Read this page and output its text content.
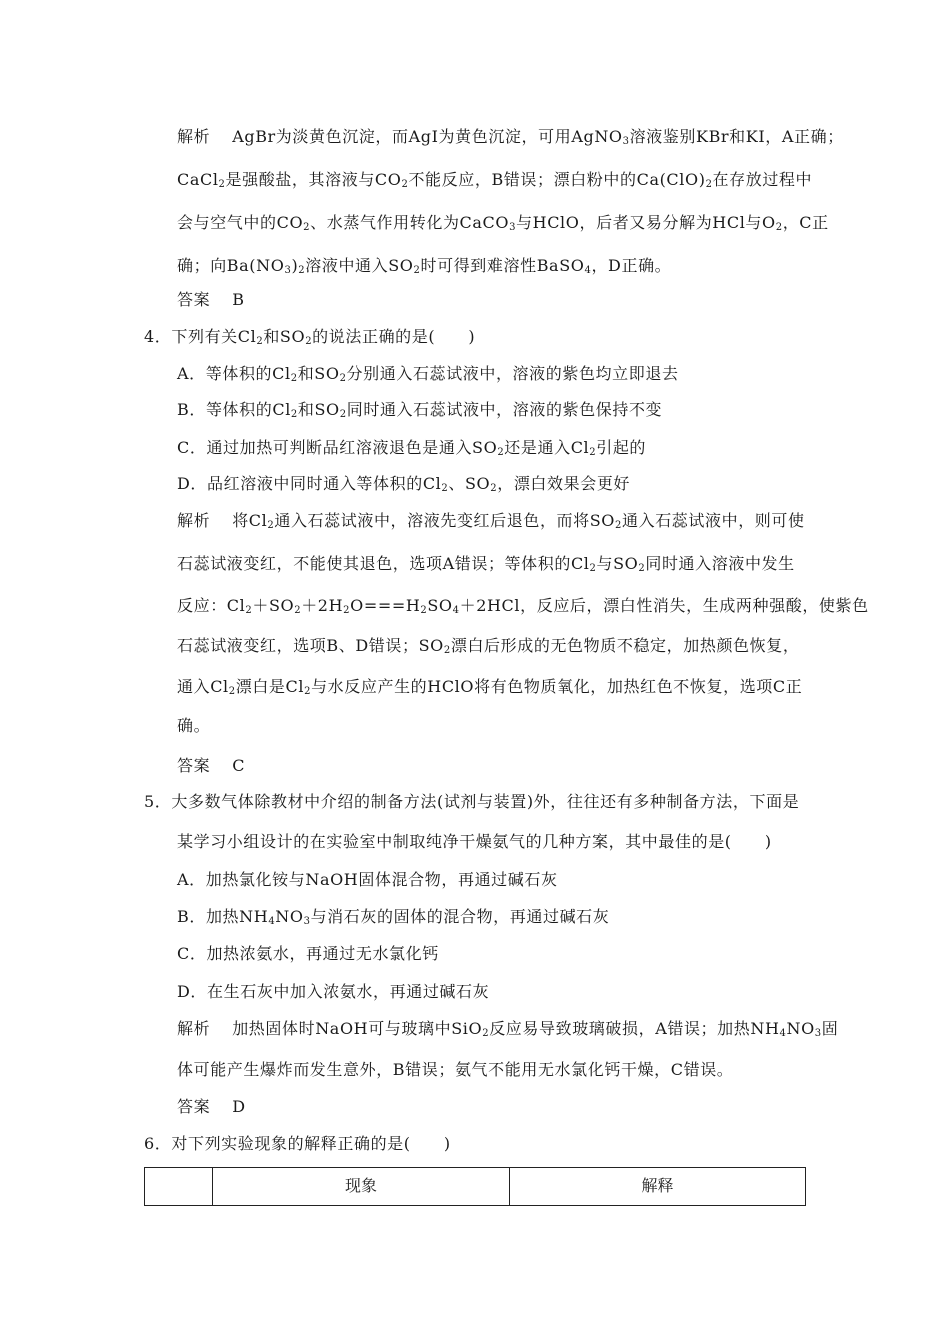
解析 AgBr为淡黄色沉淀，而AgI为黄色沉淀，可用AgNO$_3$溶液鉴别KBr和KI，A正确；
CaCl$_2$是强酸盐，其溶液与$CO_2$不能反应，B错误；漂白粉中的$Ca(ClO)_2$在存放过程中
会与空气中的$CO_2$、水蒸气作用转化为CaCO$_3$与HClO，后者又易分解为HCl与$O_2$，C正
确；向$Ba(NO_3)_2$溶液中通入$SO_2$时可得到难溶性BaSO$_4$，D正确。
答案 B
4．下列有关$Cl_2$和$SO_2$的说法正确的是(　　)
A．等体积的$Cl_2$和$SO_2$分别通入石蕊试液中，溶液的紫色均立即退去
B．等体积的$Cl_2$和$SO_2$同时通入石蕊试液中，溶液的紫色保持不变
C．通过加热可判断品红溶液退色是通入$SO_2$还是通入$Cl_2$引起的
D．品红溶液中同时通入等体积的$Cl_2$、$SO_2$，漂白效果会更好
解析 将$Cl_2$通入石蕊试液中，溶液先变红后退色，而将$SO_2$通入石蕊试液中，则可使
石蕊试液变红，不能使其退色，选项A错误；等体积的$Cl_2$与$SO_2$同时通入溶液中发生
反应：$Cl_2+SO_2+2H_2O===H_2SO_4+2HCl$，反应后，漂白性消失，生成两种强酸，使紫色
石蕊试液变红，选项B、D错误；$SO_2$漂白后形成的无色物质不稳定，加热颜色恢复，
通入$Cl_2$漂白是$Cl_2$与水反应产生的HClO将有色物质氧化，加热红色不恢复，选项C正
确。
答案 C
5．大多数气体除教材中介绍的制备方法(试剂与装置)外，往往还有多种制备方法，下面是
某学习小组设计的在实验室中制取纯净干燥氨气的几种方案，其中最佳的是(　　)
A．加热氯化铵与NaOH固体混合物，再通过碱石灰
B．加热$NH_4NO_3$与消石灰的固体的混合物，再通过碱石灰
C．加热浓氨水，再通过无水氯化钙
D．在生石灰中加入浓氨水，再通过碱石灰
解析 加热固体时NaOH可与玻璃中SiO$_2$反应易导致玻璃破损，A错误；加热$NH_4NO_3$固
体可能产生爆炸而发生意外，B错误；氨气不能用无水氯化钙干燥，C错误。
答案 D
6．对下列实验现象的解释正确的是(　　)
现象	解释
